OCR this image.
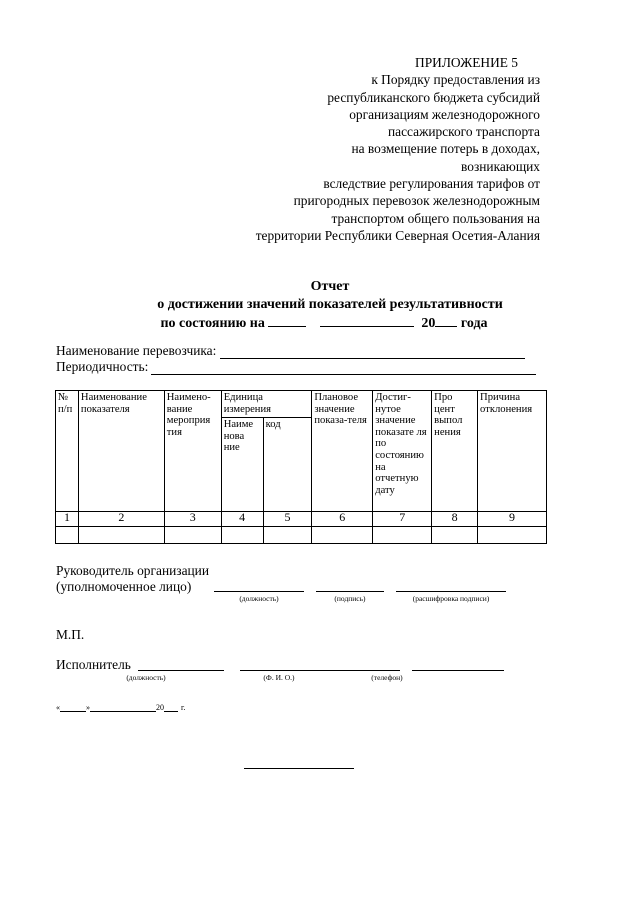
ПРИЛОЖЕНИЕ 5
к Порядку предоставления из
республиканского бюджета субсидий
организациям железнодорожного
пассажирского транспорта
на возмещение потерь в доходах,
возникающих
вследствие регулирования тарифов от
пригородных перевозок железнодорожным
транспортом общего пользования на
территории Республики Северная Осетия-Алания
Отчет
о достижении значений показателей результативности
по состоянию на	20 года
Наименование перевозчика:
Периодичность:
№ п/п	Наименование показателя	Наимено-вание мероприя тия	Единица измерения		Плановое значение показа-теля	Достиг-нутое значение показате ля по состоянию на отчетную дату	Про цент выпол нения	Причина отклонения
			Наиме нова ние	код				
1	2	3	4	5	6	7	8	9

Руководитель организации
(уполномоченное лицо)
(должность)	(подпись)	(расшифровка подписи)
М.П.
Исполнитель
(должность)	(Ф. И. О.)	(телефон)
«	»	20 г.
